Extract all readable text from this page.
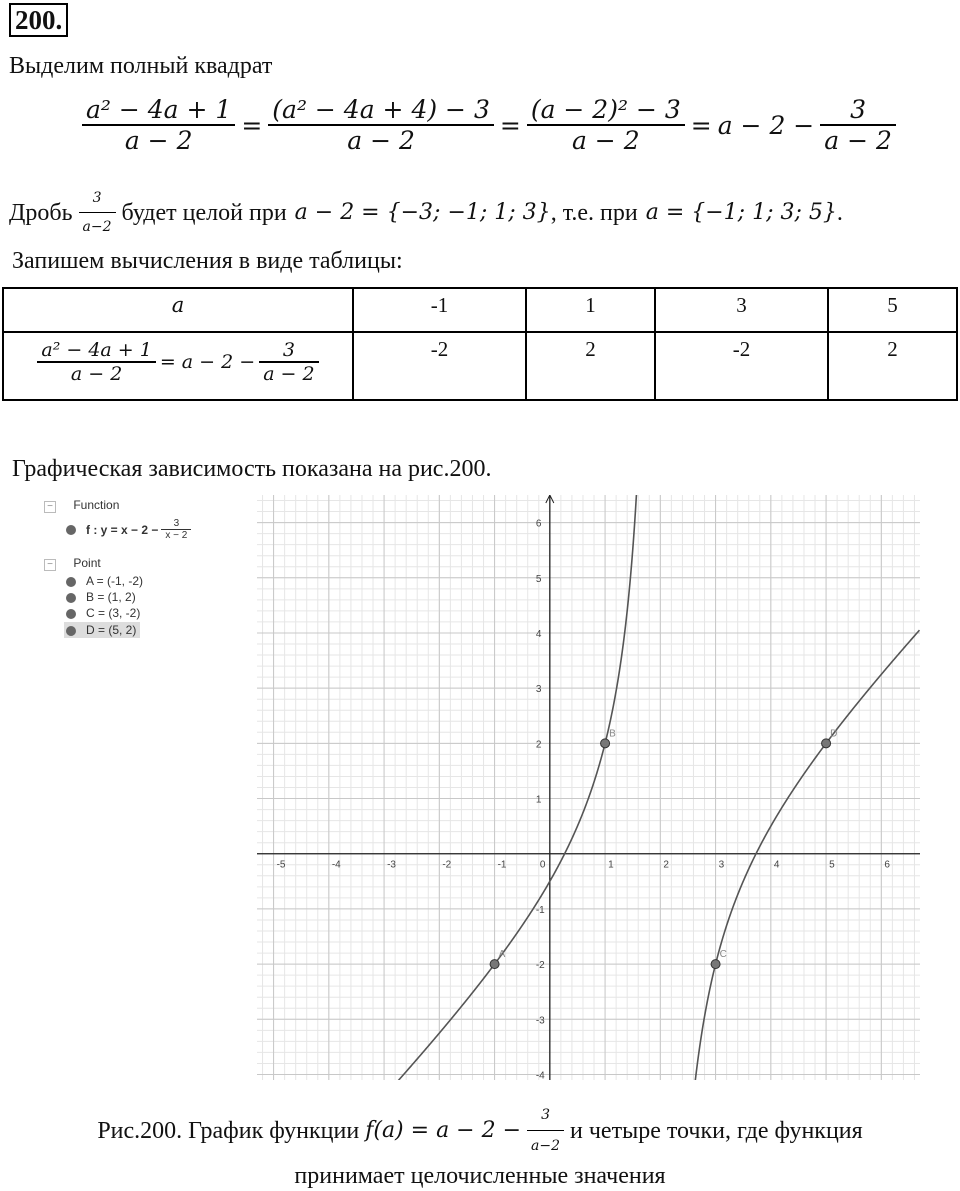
200.
Выделим полный квадрат
$\frac{\text{a² − 4a + 1}}{a - 2} = \frac{\text{(a² − 4a + 4) − 3}}{a - 2} = \frac{\text{(a − 2)² − 3}}{a - 2} = a - 2 - \frac{3}{a - 2}$
Дробь $\frac{3}{a-2}$ будет целой при a − 2 = {−3; −1; 1; 3} , т.е. при a = {−1; 1; 3; 5} .
Запишем вычисления в виде таблицы:
a	-1	1	3	5

$\frac{\text{a² − 4a + 1}}{a - 2} = a - 2 - \frac{3}{a - 2}$	-2	2	-2	2
Графическая зависимость показана на рис.200.
− Function
f : $y = x - 2 - \frac{3}{x - 2}$
− Point
A = (-1, -2)
B = (1, 2)
C = (3, -2)
D = (5, 2)
-5	-4	-3	-2	-1	0	1	2	3	4	5	6
-4
-3
-2
-1
1
2
3
4
5
6
A
B
C
D
Рис.200. График функции $f(a) = a - 2 - \frac{3}{a-2}$ и четыре точки, где функция
принимает целочисленные значения
